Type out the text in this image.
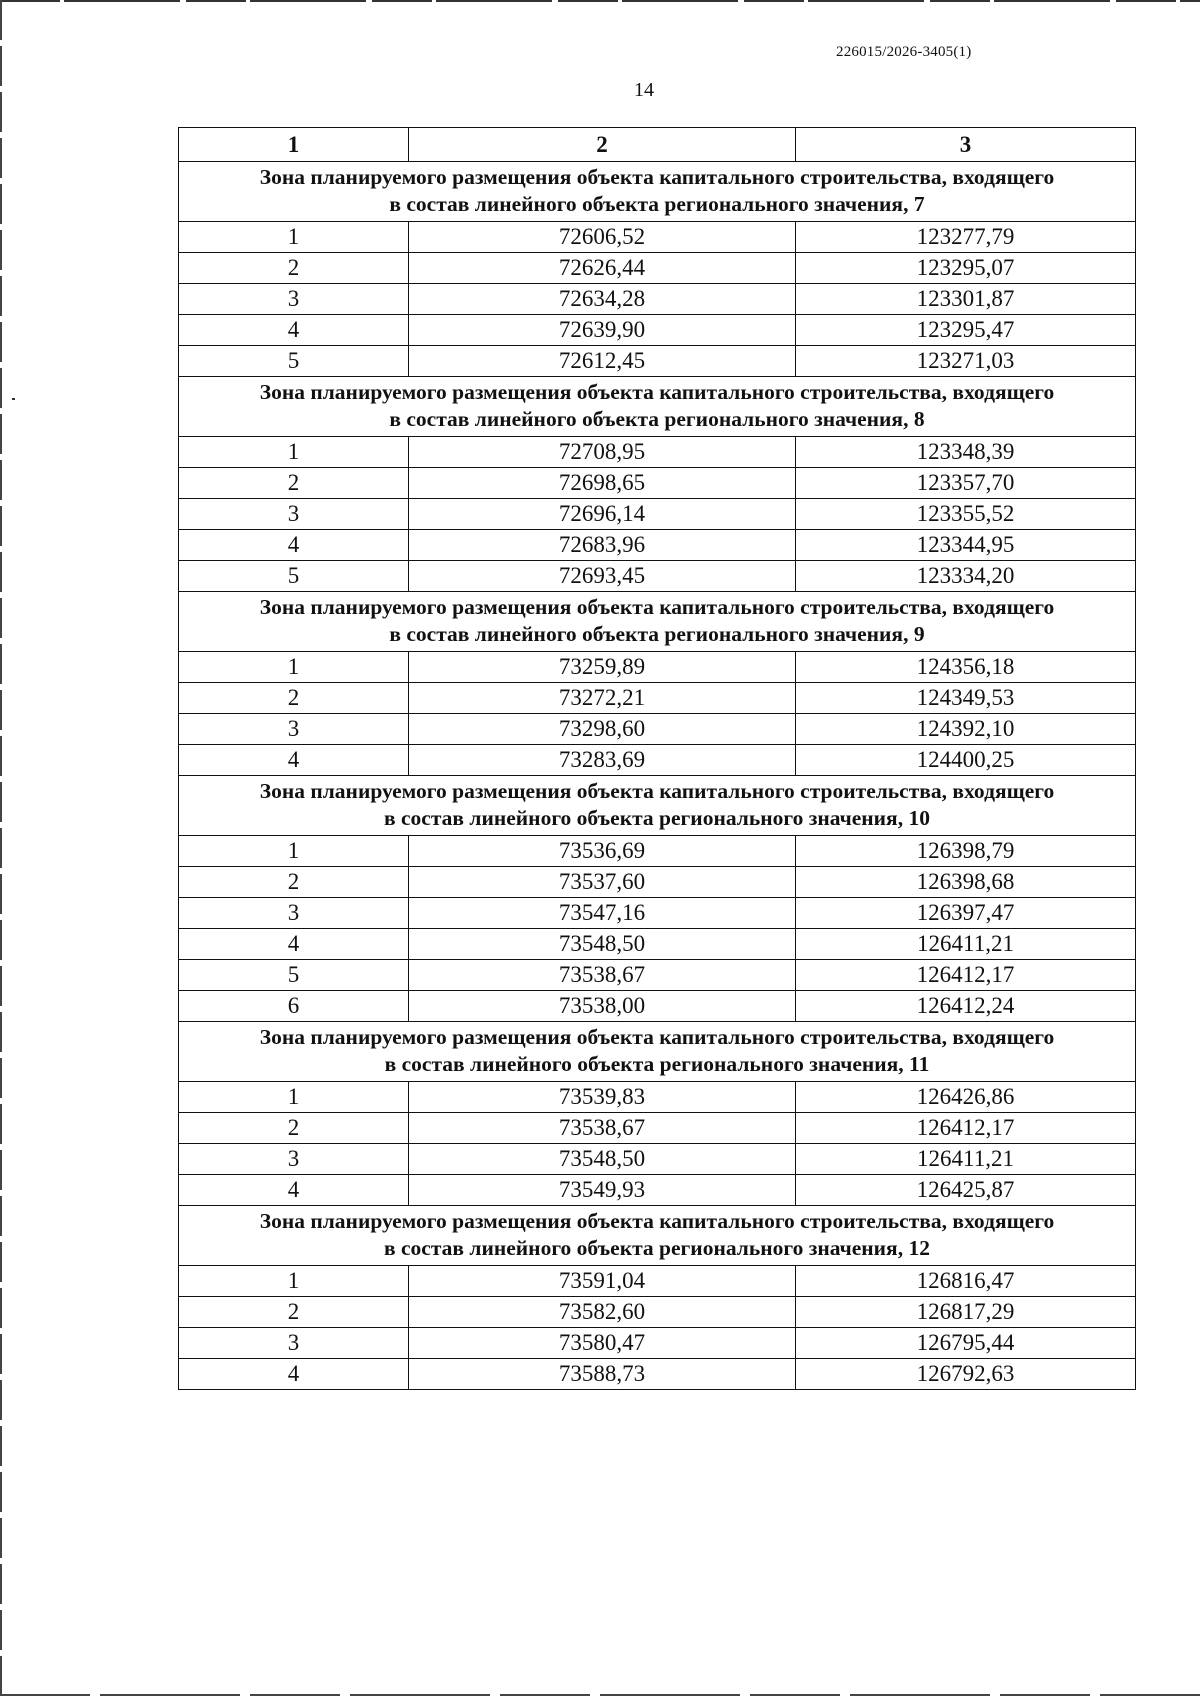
226015/2026-3405(1)
14
1	2	3

Зона планируемого размещения объекта капитального строительства, входящего
в состав линейного объекта регионального значения, 7		

1	72606,52	123277,79
2	72626,44	123295,07
3	72634,28	123301,87
4	72639,90	123295,47
5	72612,45	123271,03

Зона планируемого размещения объекта капитального строительства, входящего
в состав линейного объекта регионального значения, 8		

1	72708,95	123348,39
2	72698,65	123357,70
3	72696,14	123355,52
4	72683,96	123344,95
5	72693,45	123334,20

Зона планируемого размещения объекта капитального строительства, входящего
в состав линейного объекта регионального значения, 9		

1	73259,89	124356,18
2	73272,21	124349,53
3	73298,60	124392,10
4	73283,69	124400,25

Зона планируемого размещения объекта капитального строительства, входящего
в состав линейного объекта регионального значения, 10		

1	73536,69	126398,79
2	73537,60	126398,68
3	73547,16	126397,47
4	73548,50	126411,21
5	73538,67	126412,17
6	73538,00	126412,24

Зона планируемого размещения объекта капитального строительства, входящего
в состав линейного объекта регионального значения, 11		

1	73539,83	126426,86
2	73538,67	126412,17
3	73548,50	126411,21
4	73549,93	126425,87

Зона планируемого размещения объекта капитального строительства, входящего
в состав линейного объекта регионального значения, 12		

1	73591,04	126816,47
2	73582,60	126817,29
3	73580,47	126795,44
4	73588,73	126792,63
